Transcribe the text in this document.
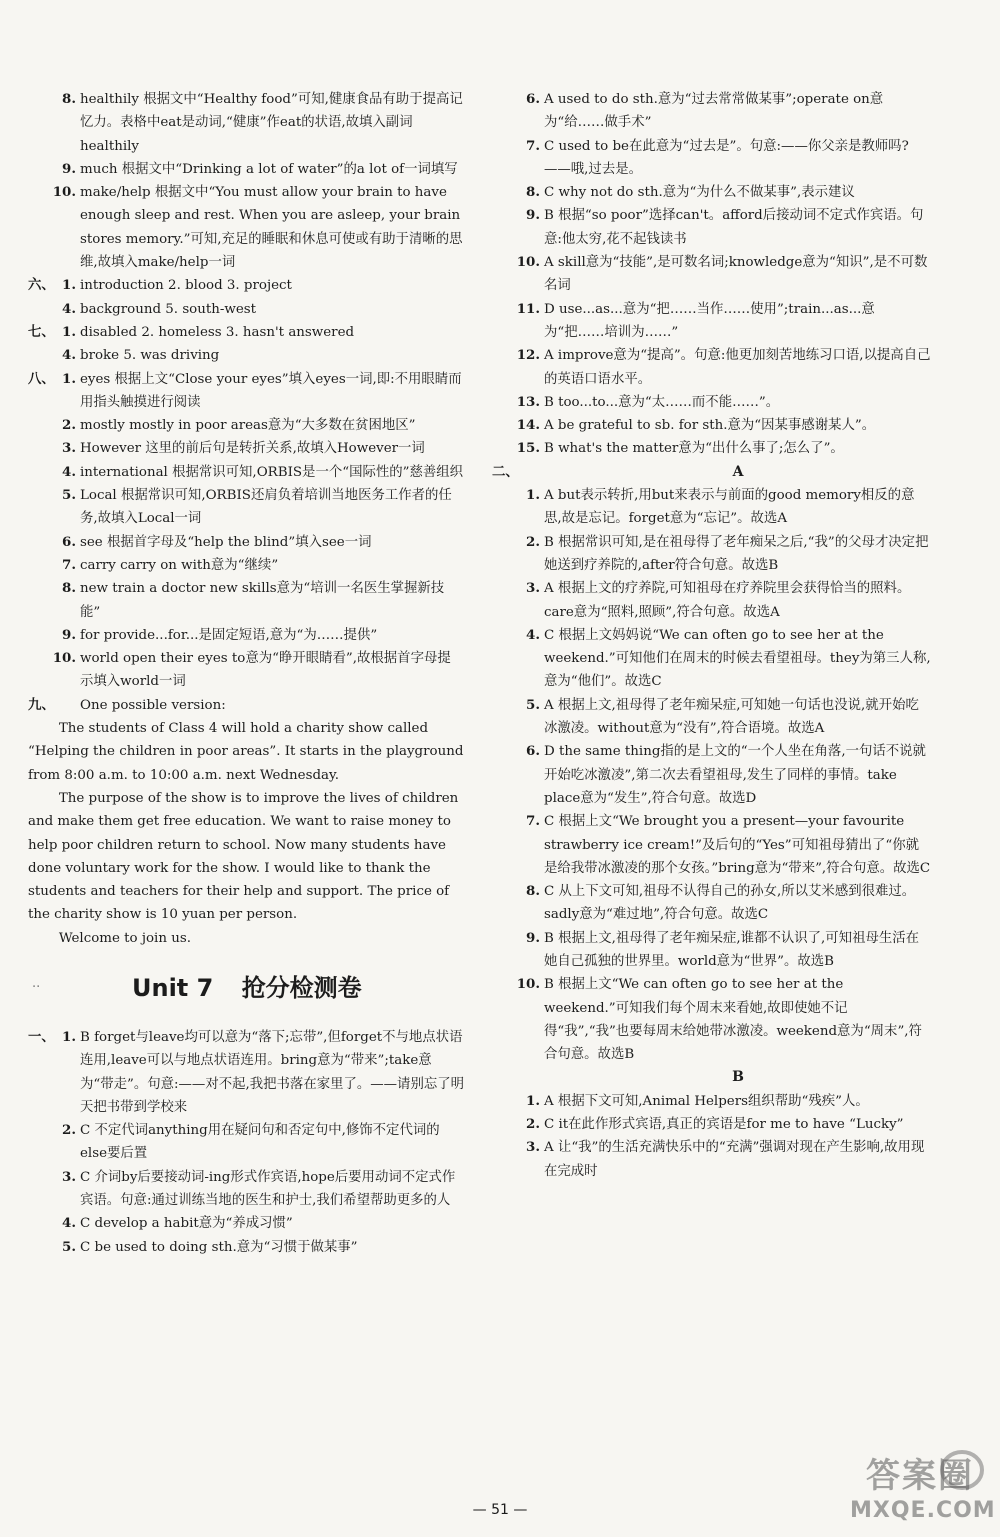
8. healthily 根据文中“Healthy food”可知,健康食品有助于提高记忆力。表格中eat是动词,“健康”作eat的状语,故填入副词healthily
9. much 根据文中“Drinking a lot of water”的a lot of一词填写
10. make/help 根据文中“You must allow your brain to have enough sleep and rest. When you are asleep, your brain stores memory.”可知,充足的睡眠和休息可使或有助于清晰的思维,故填入make/help一词
六、 1. introduction 2. blood 3. project
4. background 5. south-west
七、 1. disabled 2. homeless 3. hasn't answered
4. broke 5. was driving
八、 1. eyes 根据上文“Close your eyes”填入eyes一词,即:不用眼睛而用指头触摸进行阅读
2. mostly mostly in poor areas意为“大多数在贫困地区”
3. However 这里的前后句是转折关系,故填入However一词
4. international 根据常识可知,ORBIS是一个“国际性的”慈善组织
5. Local 根据常识可知,ORBIS还肩负着培训当地医务工作者的任务,故填入Local一词
6. see 根据首字母及“help the blind”填入see一词
7. carry carry on with意为“继续”
8. new train a doctor new skills意为“培训一名医生掌握新技能”
9. for provide...for...是固定短语,意为“为……提供”
10. world open their eyes to意为“睁开眼睛看”,故根据首字母提示填入world一词
九、 One possible version:

The students of Class 4 will hold a charity show called “Helping the children in poor areas”. It starts in the playground from 8:00 a.m. to 10:00 a.m. next Wednesday.

The purpose of the show is to improve the lives of children and make them get free education. We want to raise money to help poor children return to school. Now many students have done voluntary work for the show. I would like to thank the students and teachers for their help and support. The price of the charity show is 10 yuan per person.

Welcome to join us.

··	Unit 7 抢分检测卷
一、 1. B forget与leave均可以意为“落下;忘带”,但forget不与地点状语连用,leave可以与地点状语连用。bring意为“带来”;take意为“带走”。句意:——对不起,我把书落在家里了。——请别忘了明天把书带到学校来
2. C 不定代词anything用在疑问句和否定句中,修饰不定代词的else要后置
3. C 介词by后要接动词-ing形式作宾语,hope后要用动词不定式作宾语。句意:通过训练当地的医生和护士,我们希望帮助更多的人
4. C develop a habit意为“养成习惯”
5. C be used to doing sth.意为“习惯于做某事”
6. A used to do sth.意为“过去常常做某事”;operate on意为“给……做手术”
7. C used to be在此意为“过去是”。句意:——你父亲是教师吗?——哦,过去是。
8. C why not do sth.意为“为什么不做某事”,表示建议
9. B 根据“so poor”选择can't。afford后接动词不定式作宾语。句意:他太穷,花不起钱读书
10. A skill意为“技能”,是可数名词;knowledge意为“知识”,是不可数名词
11. D use...as...意为“把……当作……使用”;train...as...意为“把……培训为……”
12. A improve意为“提高”。句意:他更加刻苦地练习口语,以提高自己的英语口语水平。
13. B too...to...意为“太……而不能……”。
14. A be grateful to sb. for sth.意为“因某事感谢某人”。
15. B what's the matter意为“出什么事了;怎么了”。
二、	A
1. A but表示转折,用but来表示与前面的good memory相反的意思,故是忘记。forget意为“忘记”。故选A
2. B 根据常识可知,是在祖母得了老年痴呆之后,“我”的父母才决定把她送到疗养院的,after符合句意。故选B
3. A 根据上文的疗养院,可知祖母在疗养院里会获得恰当的照料。care意为“照料,照顾”,符合句意。故选A
4. C 根据上文妈妈说“We can often go to see her at the weekend.”可知他们在周末的时候去看望祖母。they为第三人称,意为“他们”。故选C
5. A 根据上文,祖母得了老年痴呆症,可知她一句话也没说,就开始吃冰激凌。without意为“没有”,符合语境。故选A
6. D the same thing指的是上文的“一个人坐在角落,一句话不说就开始吃冰激凌”,第二次去看望祖母,发生了同样的事情。take place意为“发生”,符合句意。故选D
7. C 根据上文“We brought you a present—your favourite strawberry ice cream!”及后句的“Yes”可知祖母猜出了“你就是给我带冰激凌的那个女孩。”bring意为“带来”,符合句意。故选C
8. C 从上下文可知,祖母不认得自己的孙女,所以艾米感到很难过。sadly意为“难过地”,符合句意。故选C
9. B 根据上文,祖母得了老年痴呆症,谁都不认识了,可知祖母生活在她自己孤独的世界里。world意为“世界”。故选B
10. B 根据上文“We can often go to see her at the weekend.”可知我们每个周末来看她,故即使她不记得“我”,“我”也要每周末给她带冰激凌。weekend意为“周末”,符合句意。故选B
B
1. A 根据下文可知,Animal Helpers组织帮助“残疾”人。
2. C it在此作形式宾语,真正的宾语是for me to have “Lucky”
3. A 让“我”的生活充满快乐中的“充满”强调对现在产生影响,故用现在完成时
— 51 —
答案圈
MXQE.COM
